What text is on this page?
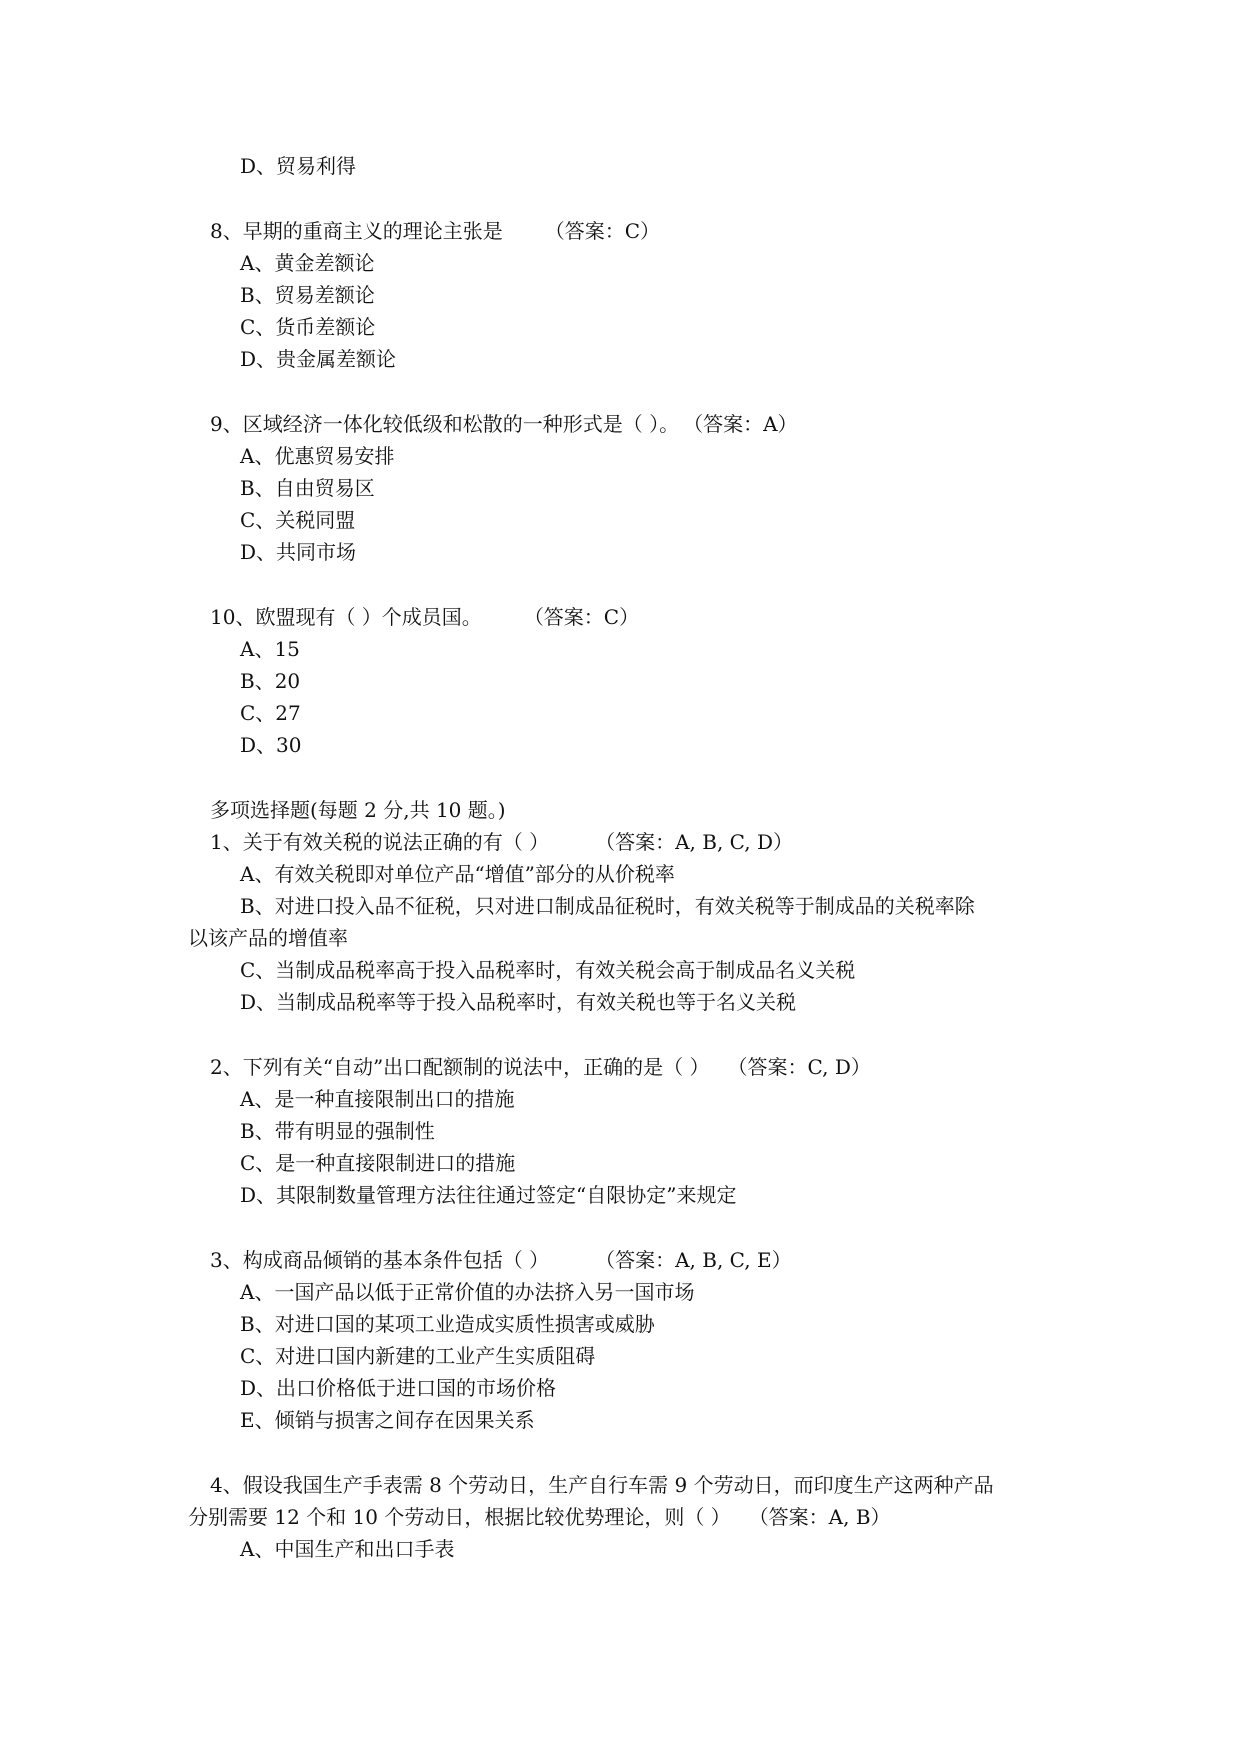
D、贸易利得
8、早期的重商主义的理论主张是 （答案：C）
A、黄金差额论
B、贸易差额论
C、货币差额论
D、贵金属差额论
9、区域经济一体化较低级和松散的一种形式是（ ）。 （答案：A）
A、优惠贸易安排
B、自由贸易区
C、关税同盟
D、共同市场
10、欧盟现有（ ）个成员国。	（答案：C）
A、15
B、20
C、27
D、30
多项选择题(每题 2 分,共 10 题。)
1、关于有效关税的说法正确的有（ ）	（答案：A, B, C, D）
A、有效关税即对单位产品“增值”部分的从价税率
B、对进口投入品不征税，只对进口制成品征税时，有效关税等于制成品的关税率除
以该产品的增值率
C、当制成品税率高于投入品税率时，有效关税会高于制成品名义关税
D、当制成品税率等于投入品税率时，有效关税也等于名义关税
2、下列有关“自动”出口配额制的说法中，正确的是（ ） （答案：C, D）
A、是一种直接限制出口的措施
B、带有明显的强制性
C、是一种直接限制进口的措施
D、其限制数量管理方法往往通过签定“自限协定”来规定
3、构成商品倾销的基本条件包括（ ）	（答案：A, B, C, E）
A、一国产品以低于正常价值的办法挤入另一国市场
B、对进口国的某项工业造成实质性损害或威胁
C、对进口国内新建的工业产生实质阻碍
D、出口价格低于进口国的市场价格
E、倾销与损害之间存在因果关系
4、假设我国生产手表需 8 个劳动日，生产自行车需 9 个劳动日，而印度生产这两种产品
分别需要 12 个和 10 个劳动日，根据比较优势理论，则（ ） （答案：A, B）
A、中国生产和出口手表
